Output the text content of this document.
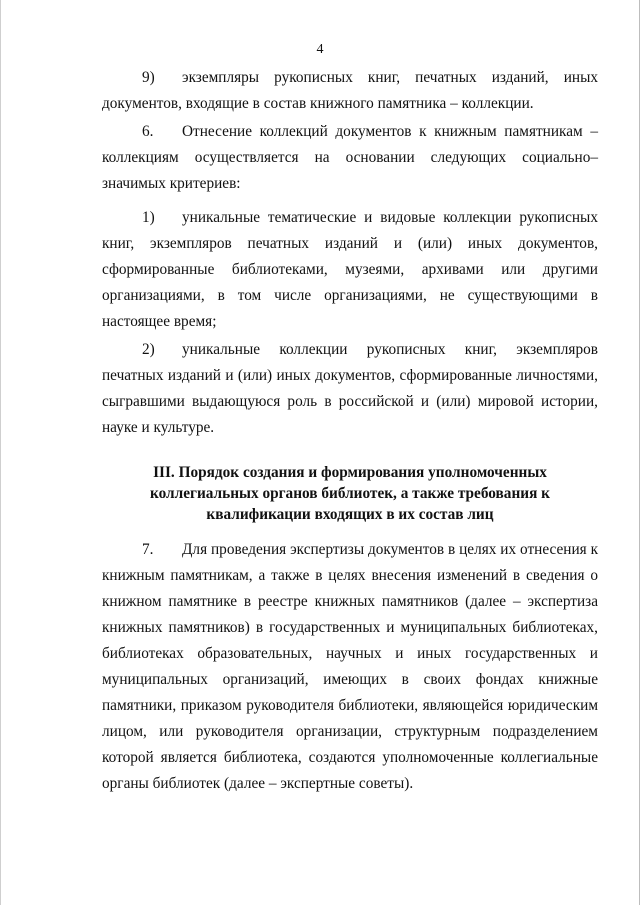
4

9) экземпляры рукописных книг, печатных изданий, иных документов, входящие в состав книжного памятника – коллекции.

6. Отнесение коллекций документов к книжным памятникам – коллекциям осуществляется на основании следующих социально–значимых критериев:

1) уникальные тематические и видовые коллекции рукописных книг, экземпляров печатных изданий и (или) иных документов, сформированные библиотеками, музеями, архивами или другими организациями, в том числе организациями, не существующими в настоящее время;

2) уникальные коллекции рукописных книг, экземпляров печатных изданий и (или) иных документов, сформированные личностями, сыгравшими выдающуюся роль в российской и (или) мировой истории, науке и культуре.

III. Порядок создания и формирования уполномоченных
коллегиальных органов библиотек, а также требования к
квалификации входящих в их состав лиц

7. Для проведения экспертизы документов в целях их отнесения к книжным памятникам, а также в целях внесения изменений в сведения о книжном памятнике в реестре книжных памятников (далее – экспертиза книжных памятников) в государственных и муниципальных библиотеках, библиотеках образовательных, научных и иных государственных и муниципальных организаций, имеющих в своих фондах книжные памятники, приказом руководителя библиотеки, являющейся юридическим лицом, или руководителя организации, структурным подразделением которой является библиотека, создаются уполномоченные коллегиальные органы библиотек (далее – экспертные советы).
